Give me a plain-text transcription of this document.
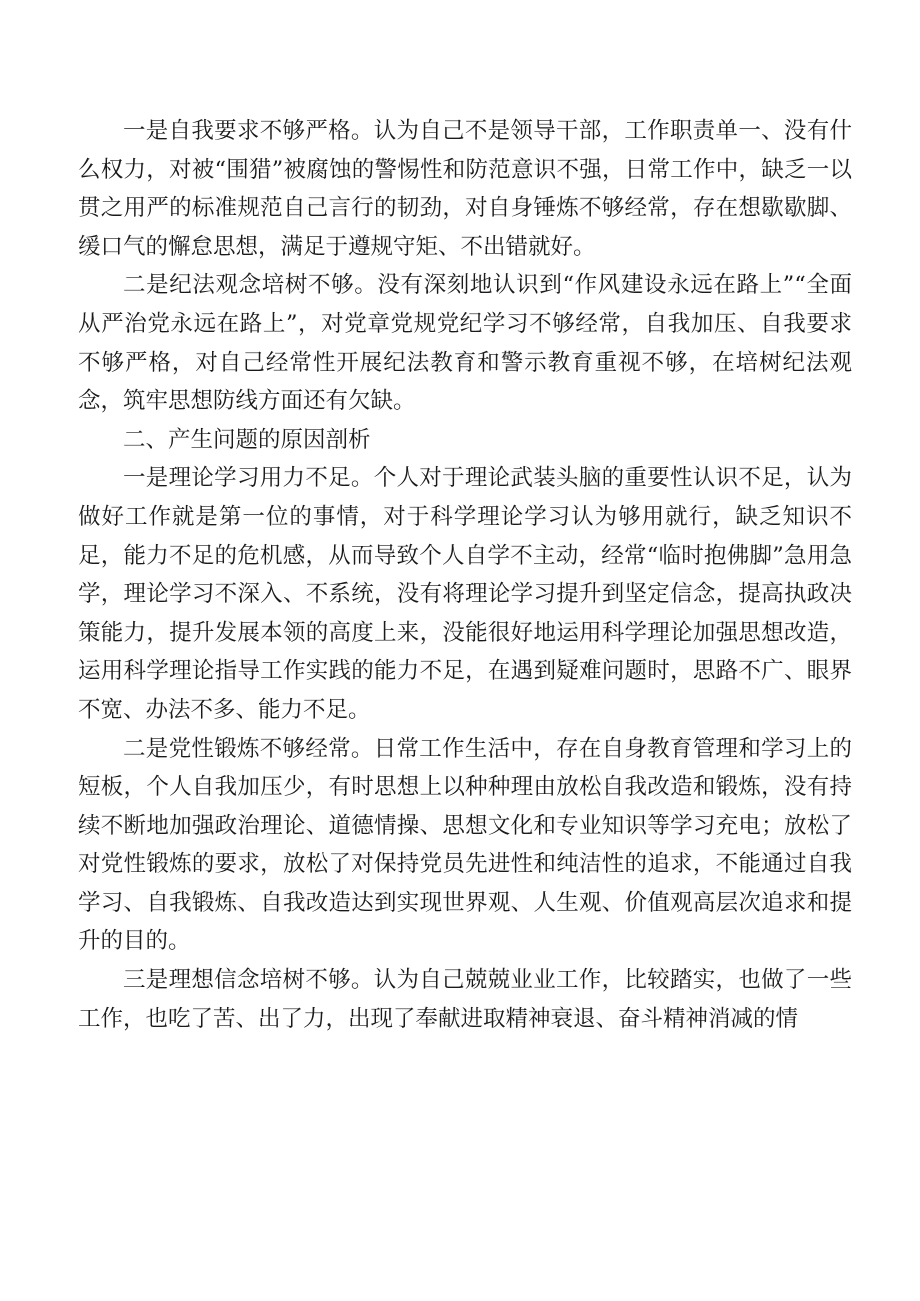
一是自我要求不够严格。认为自己不是领导干部，工作职责单一、没有什么权力，对被“围猎”被腐蚀的警惕性和防范意识不强，日常工作中，缺乏一以贯之用严的标准规范自己言行的韧劲，对自身锤炼不够经常，存在想歇歇脚、缓口气的懈怠思想，满足于遵规守矩、不出错就好。

二是纪法观念培树不够。没有深刻地认识到“作风建设永远在路上”“全面从严治党永远在路上”，对党章党规党纪学习不够经常，自我加压、自我要求不够严格，对自己经常性开展纪法教育和警示教育重视不够，在培树纪法观念，筑牢思想防线方面还有欠缺。

二、产生问题的原因剖析

一是理论学习用力不足。个人对于理论武装头脑的重要性认识不足，认为做好工作就是第一位的事情，对于科学理论学习认为够用就行，缺乏知识不足，能力不足的危机感，从而导致个人自学不主动，经常“临时抱佛脚”急用急学，理论学习不深入、不系统，没有将理论学习提升到坚定信念，提高执政决策能力，提升发展本领的高度上来，没能很好地运用科学理论加强思想改造，运用科学理论指导工作实践的能力不足，在遇到疑难问题时，思路不广、眼界不宽、办法不多、能力不足。

二是党性锻炼不够经常。日常工作生活中，存在自身教育管理和学习上的短板，个人自我加压少，有时思想上以种种理由放松自我改造和锻炼，没有持续不断地加强政治理论、道德情操、思想文化和专业知识等学习充电；放松了对党性锻炼的要求，放松了对保持党员先进性和纯洁性的追求，不能通过自我学习、自我锻炼、自我改造达到实现世界观、人生观、价值观高层次追求和提升的目的。

三是理想信念培树不够。认为自己兢兢业业工作，比较踏实，也做了一些工作，也吃了苦、出了力，出现了奉献进取精神衰退、奋斗精神消减的情
